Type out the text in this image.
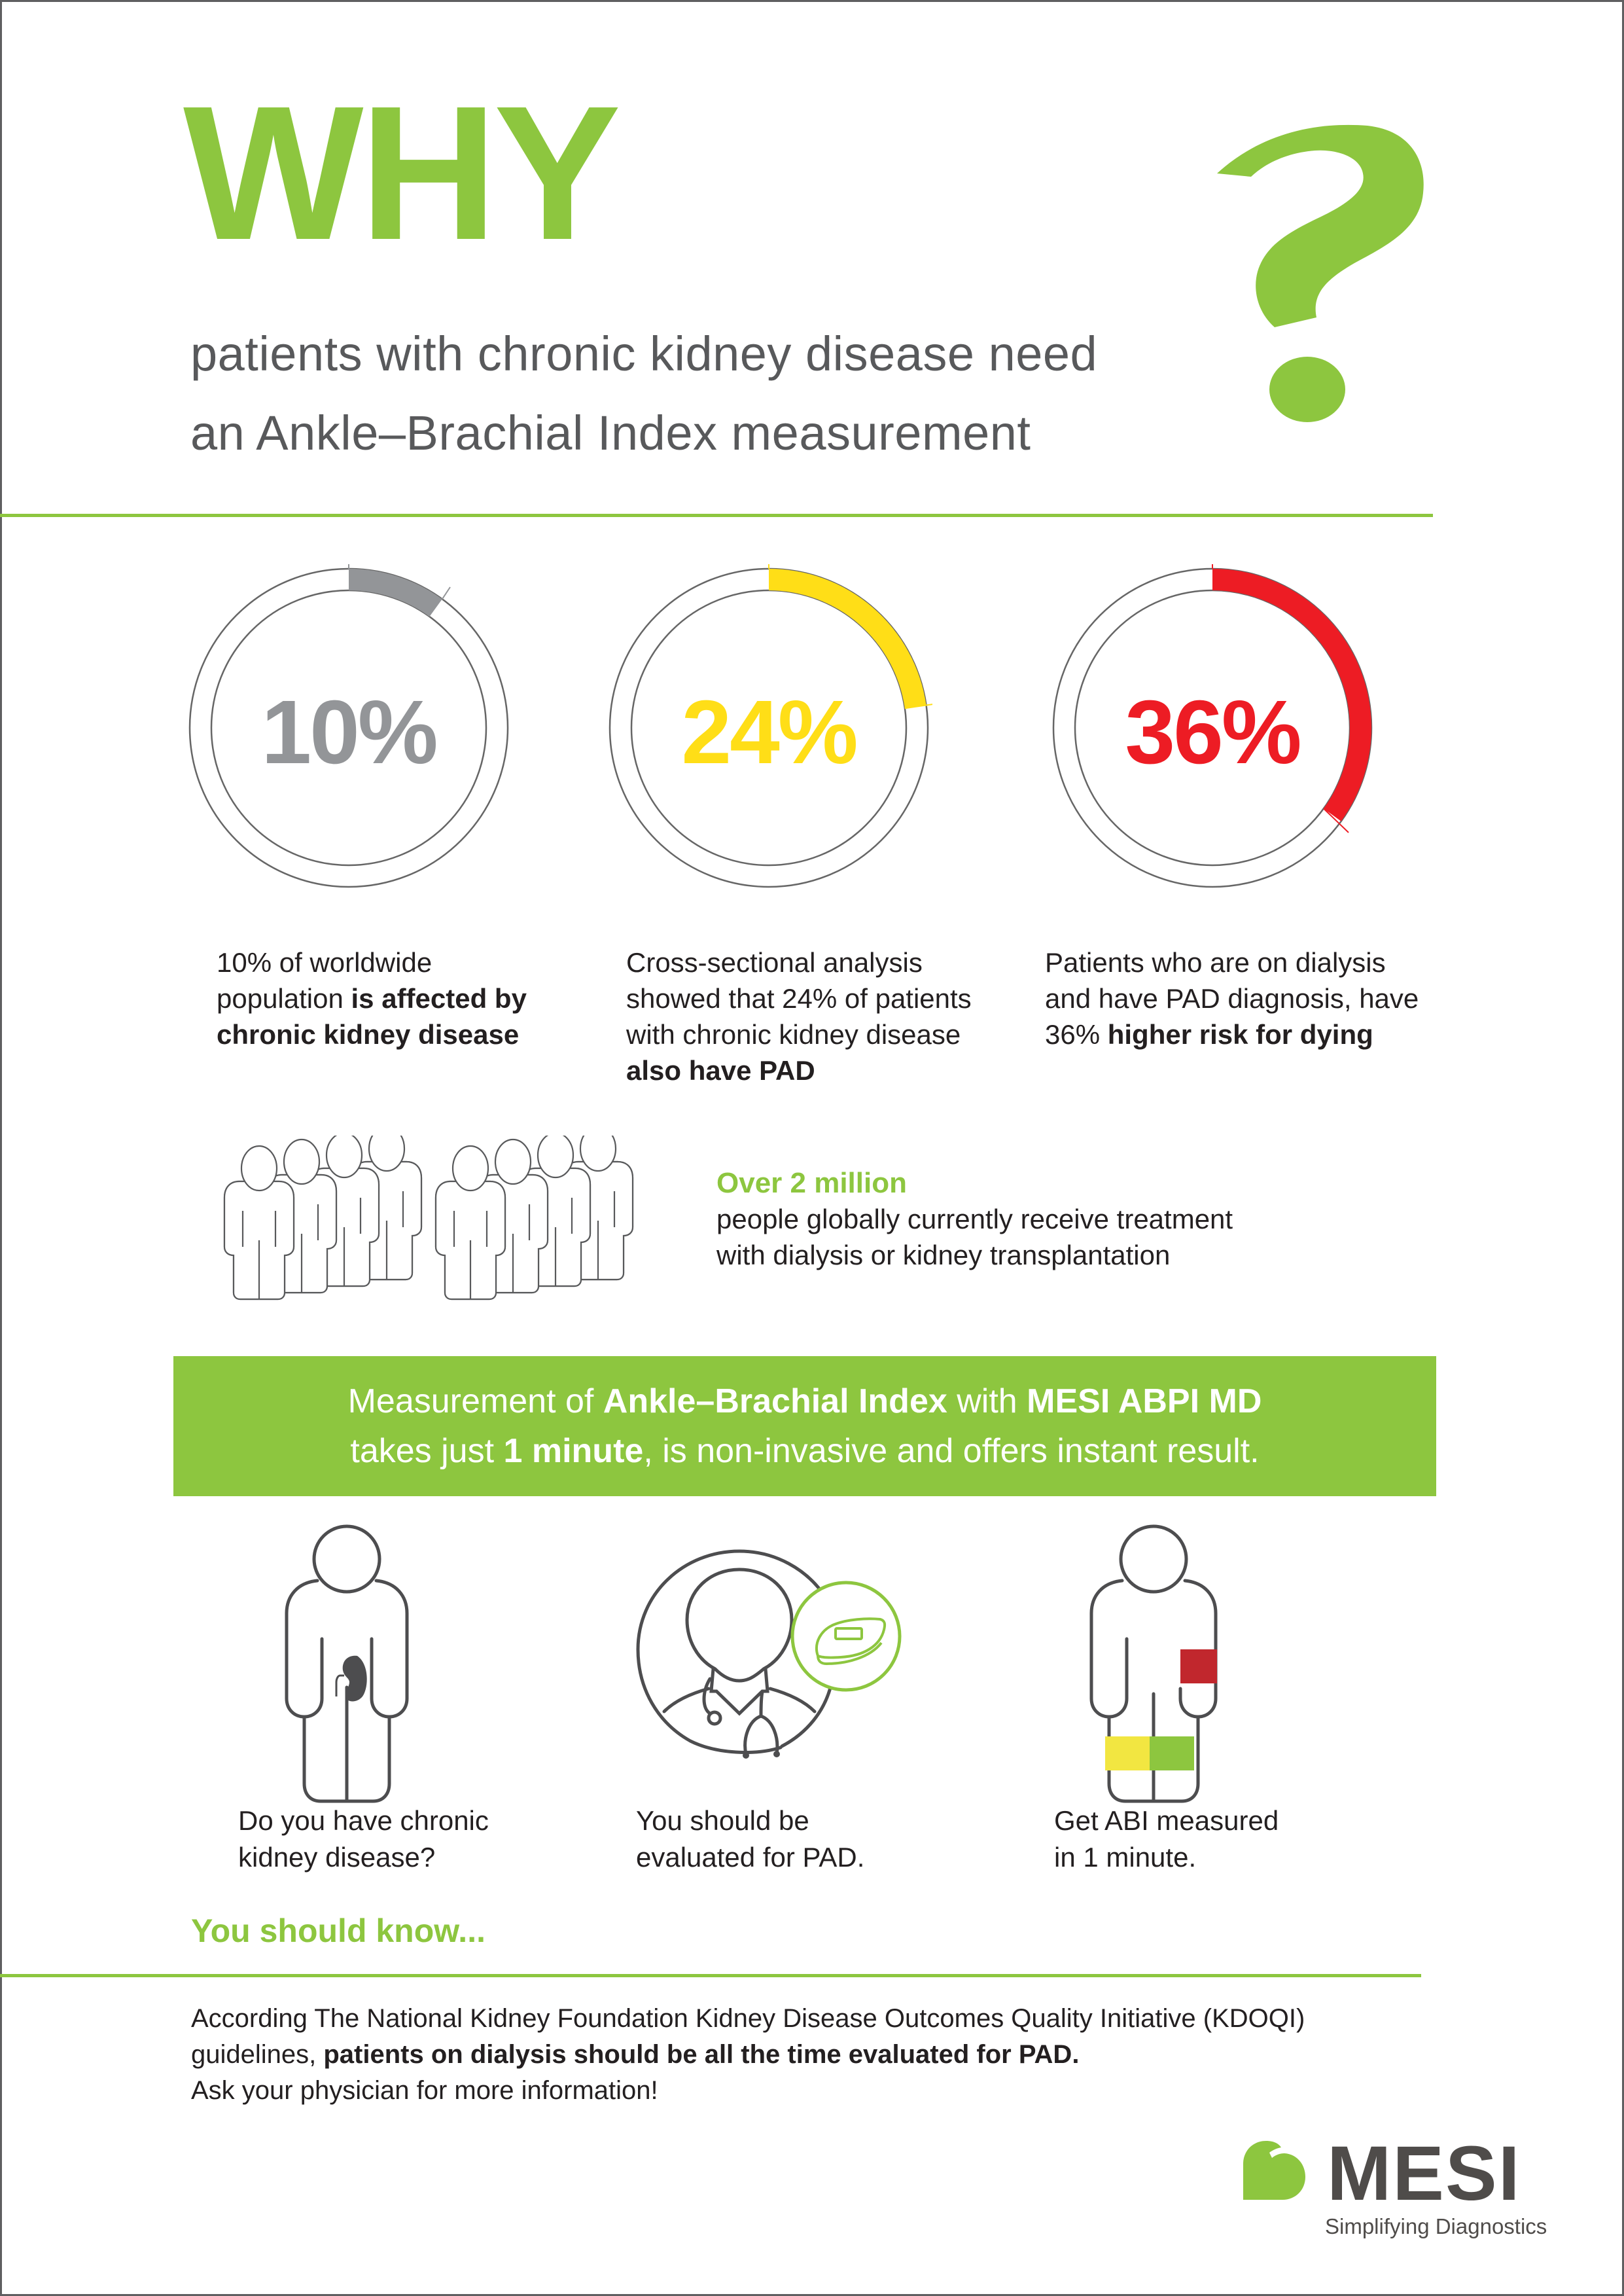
WHY
patients with chronic kidney disease need
an Ankle–Brachial Index measurement
10%	24%	36%
10% of worldwide
population is affected by
chronic kidney disease
Cross-sectional analysis
showed that 24% of patients
with chronic kidney disease
also have PAD
Patients who are on dialysis
and have PAD diagnosis, have
36% higher risk for dying
Over 2 million
people globally currently receive treatment
with dialysis or kidney transplantation
Measurement of Ankle–Brachial Index with MESI ABPI MD
takes just 1 minute, is non-invasive and offers instant result.
Do you have chronic
kidney disease?
You should be
evaluated for PAD.
Get ABI measured
in 1 minute.
You should know...
According The National Kidney Foundation Kidney Disease Outcomes Quality Initiative (KDOQI)
guidelines, patients on dialysis should be all the time evaluated for PAD.
Ask your physician for more information!
MESI
Simplifying Diagnostics
